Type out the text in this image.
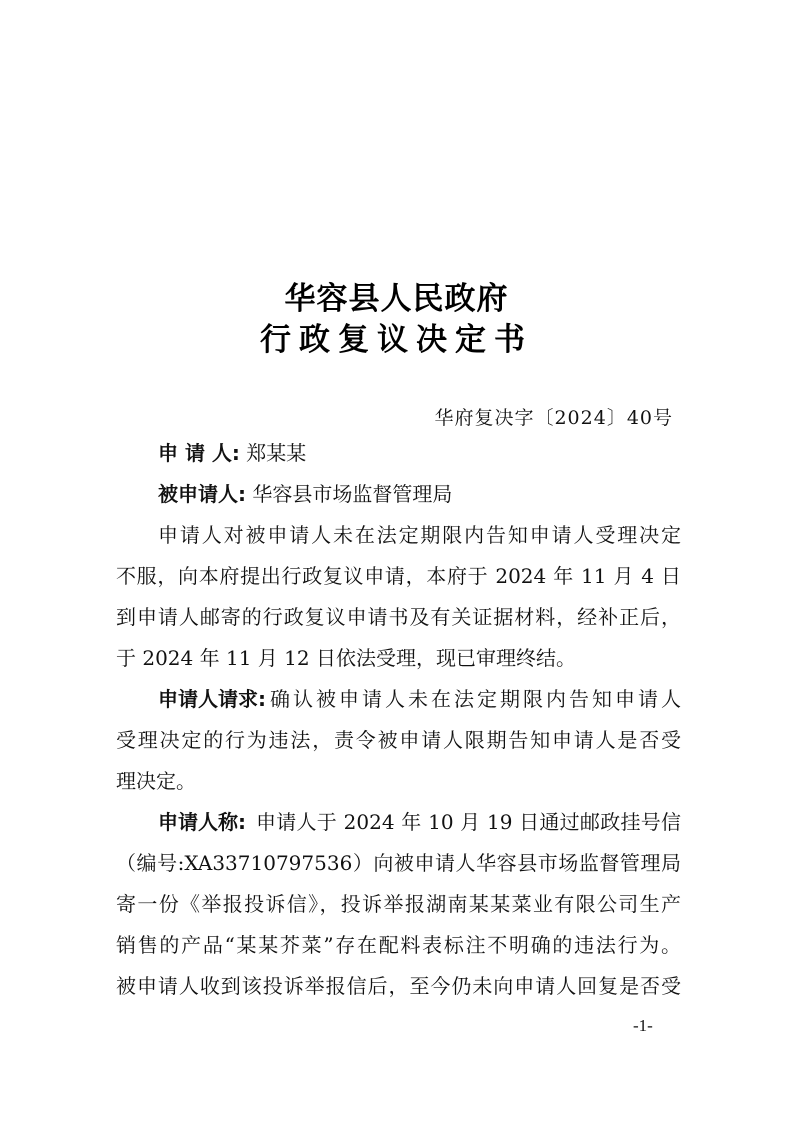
华容县人民政府
行政复议决定书
华府复决字〔2024〕40号
申 请 人: 郑某某
被申请人: 华容县市场监督管理局
申请人对被申请人未在法定期限内告知申请人受理决定
不服，向本府提出行政复议申请，本府于 2024 年 11 月 4 日
到申请人邮寄的行政复议申请书及有关证据材料，经补正后，
于 2024 年 11 月 12 日依法受理，现已审理终结。
申请人请求: 确认被申请人未在法定期限内告知申请人
受理决定的行为违法，责令被申请人限期告知申请人是否受
理决定。
申请人称: 申请人于 2024 年 10 月 19 日通过邮政挂号信
（编号:XA33710797536）向被申请人华容县市场监督管理局
寄一份《举报投诉信》，投诉举报湖南某某菜业有限公司生产
销售的产品“某某芥菜”存在配料表标注不明确的违法行为。
被申请人收到该投诉举报信后，至今仍未向申请人回复是否受
-1-
